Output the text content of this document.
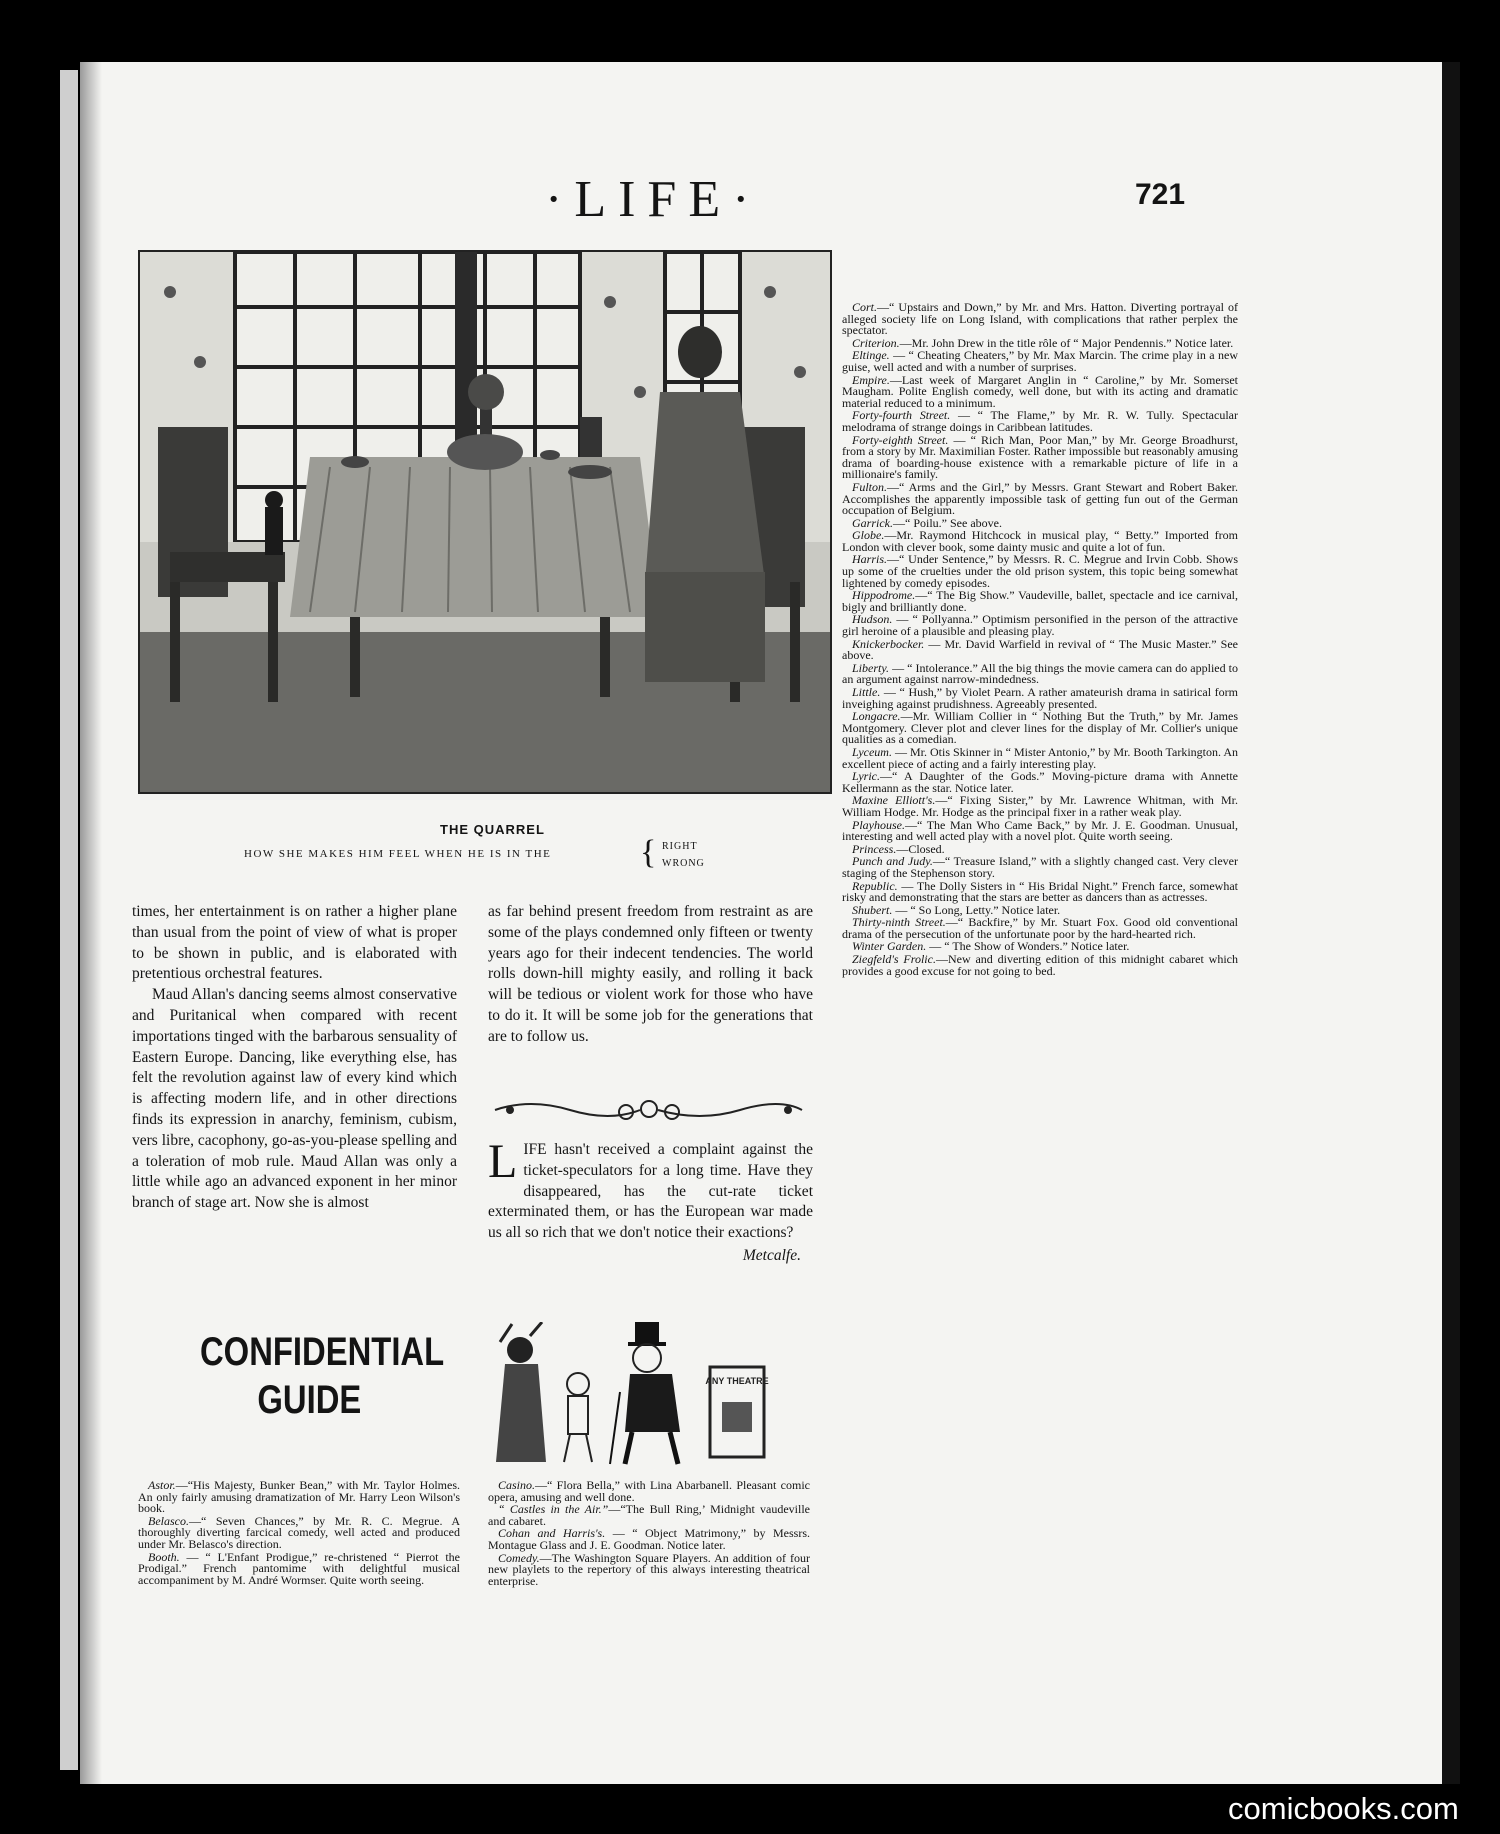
·LIFE·	721
THE QUARREL
HOW SHE MAKES HIM FEEL WHEN HE IS IN THE	{ RIGHT
WRONG

times, her entertainment is on rather a higher plane than usual from the point of view of what is proper to be shown in public, and is elaborated with pretentious orchestral features.

Maud Allan's dancing seems almost conservative and Puritanical when compared with recent importations tinged with the barbarous sensuality of Eastern Europe. Dancing, like everything else, has felt the revolution against law of every kind which is affecting modern life, and in other directions finds its expression in anarchy, feminism, cubism, vers libre, cacophony, go-as-you-please spelling and a toleration of mob rule. Maud Allan was only a little while ago an advanced exponent in her minor branch of stage art. Now she is almost

as far behind present freedom from restraint as are some of the plays condemned only fifteen or twenty years ago for their indecent tendencies. The world rolls down-hill mighty easily, and rolling it back will be tedious or violent work for those who have to do it. It will be some job for the generations that are to follow us.

L IFE hasn't received a complaint against the ticket-speculators for a long time. Have they disappeared, has the cut-rate ticket exterminated them, or has the European war made us all so rich that we don't notice their exactions?

Metcalfe.
CONFIDENTIAL
GUIDE	ANY THEATRE

Astor.—“His Majesty, Bunker Bean,” with Mr. Taylor Holmes. An only fairly amusing dramatization of Mr. Harry Leon Wilson's book.

Belasco.—“ Seven Chances,” by Mr. R. C. Megrue. A thoroughly diverting farcical comedy, well acted and produced under Mr. Belasco's direction.

Booth. — “ L'Enfant Prodigue,” re-christened “ Pierrot the Prodigal.” French pantomime with delightful musical accompaniment by M. André Wormser. Quite worth seeing.

Casino.—“ Flora Bella,” with Lina Abarbanell. Pleasant comic opera, amusing and well done.

“ Castles in the Air.”—“The Bull Ring,’ Midnight vaudeville and cabaret.

Cohan and Harris's. — “ Object Matrimony,” by Messrs. Montague Glass and J. E. Goodman. Notice later.

Comedy.—The Washington Square Players. An addition of four new playlets to the repertory of this always interesting theatrical enterprise.

Cort.—“ Upstairs and Down,” by Mr. and Mrs. Hatton. Diverting portrayal of alleged society life on Long Island, with complications that rather perplex the spectator.

Criterion.—Mr. John Drew in the title rôle of “ Major Pendennis.” Notice later.

Eltinge. — “ Cheating Cheaters,” by Mr. Max Marcin. The crime play in a new guise, well acted and with a number of surprises.

Empire.—Last week of Margaret Anglin in “ Caroline,” by Mr. Somerset Maugham. Polite English comedy, well done, but with its acting and dramatic material reduced to a minimum.

Forty-fourth Street. — “ The Flame,” by Mr. R. W. Tully. Spectacular melodrama of strange doings in Caribbean latitudes.

Forty-eighth Street. — “ Rich Man, Poor Man,” by Mr. George Broadhurst, from a story by Mr. Maximilian Foster. Rather impossible but reasonably amusing drama of boarding-house existence with a remarkable picture of life in a millionaire's family.

Fulton.—“ Arms and the Girl,” by Messrs. Grant Stewart and Robert Baker. Accomplishes the apparently impossible task of getting fun out of the German occupation of Belgium.

Garrick.—“ Poilu.” See above.

Globe.—Mr. Raymond Hitchcock in musical play, “ Betty.” Imported from London with clever book, some dainty music and quite a lot of fun.

Harris.—“ Under Sentence,” by Messrs. R. C. Megrue and Irvin Cobb. Shows up some of the cruelties under the old prison system, this topic being somewhat lightened by comedy episodes.

Hippodrome.—“ The Big Show.” Vaudeville, ballet, spectacle and ice carnival, bigly and brilliantly done.

Hudson. — “ Pollyanna.” Optimism personified in the person of the attractive girl heroine of a plausible and pleasing play.

Knickerbocker. — Mr. David Warfield in revival of “ The Music Master.” See above.

Liberty. — “ Intolerance.” All the big things the movie camera can do applied to an argument against narrow-mindedness.

Little. — “ Hush,” by Violet Pearn. A rather amateurish drama in satirical form inveighing against prudishness. Agreeably presented.

Longacre.—Mr. William Collier in “ Nothing But the Truth,” by Mr. James Montgomery. Clever plot and clever lines for the display of Mr. Collier's unique qualities as a comedian.

Lyceum. — Mr. Otis Skinner in “ Mister Antonio,” by Mr. Booth Tarkington. An excellent piece of acting and a fairly interesting play.

Lyric.—“ A Daughter of the Gods.” Moving-picture drama with Annette Kellermann as the star. Notice later.

Maxine Elliott's.—“ Fixing Sister,” by Mr. Lawrence Whitman, with Mr. William Hodge. Mr. Hodge as the principal fixer in a rather weak play.

Playhouse.—“ The Man Who Came Back,” by Mr. J. E. Goodman. Unusual, interesting and well acted play with a novel plot. Quite worth seeing.

Princess.—Closed.

Punch and Judy.—“ Treasure Island,” with a slightly changed cast. Very clever staging of the Stephenson story.

Republic. — The Dolly Sisters in “ His Bridal Night.” French farce, somewhat risky and demonstrating that the stars are better as dancers than as actresses.

Shubert. — “ So Long, Letty.” Notice later.

Thirty-ninth Street.—“ Backfire,” by Mr. Stuart Fox. Good old conventional drama of the persecution of the unfortunate poor by the hard-hearted rich.

Winter Garden. — “ The Show of Wonders.” Notice later.

Ziegfeld's Frolic.—New and diverting edition of this midnight cabaret which provides a good excuse for not going to bed.

comicbooks.com
